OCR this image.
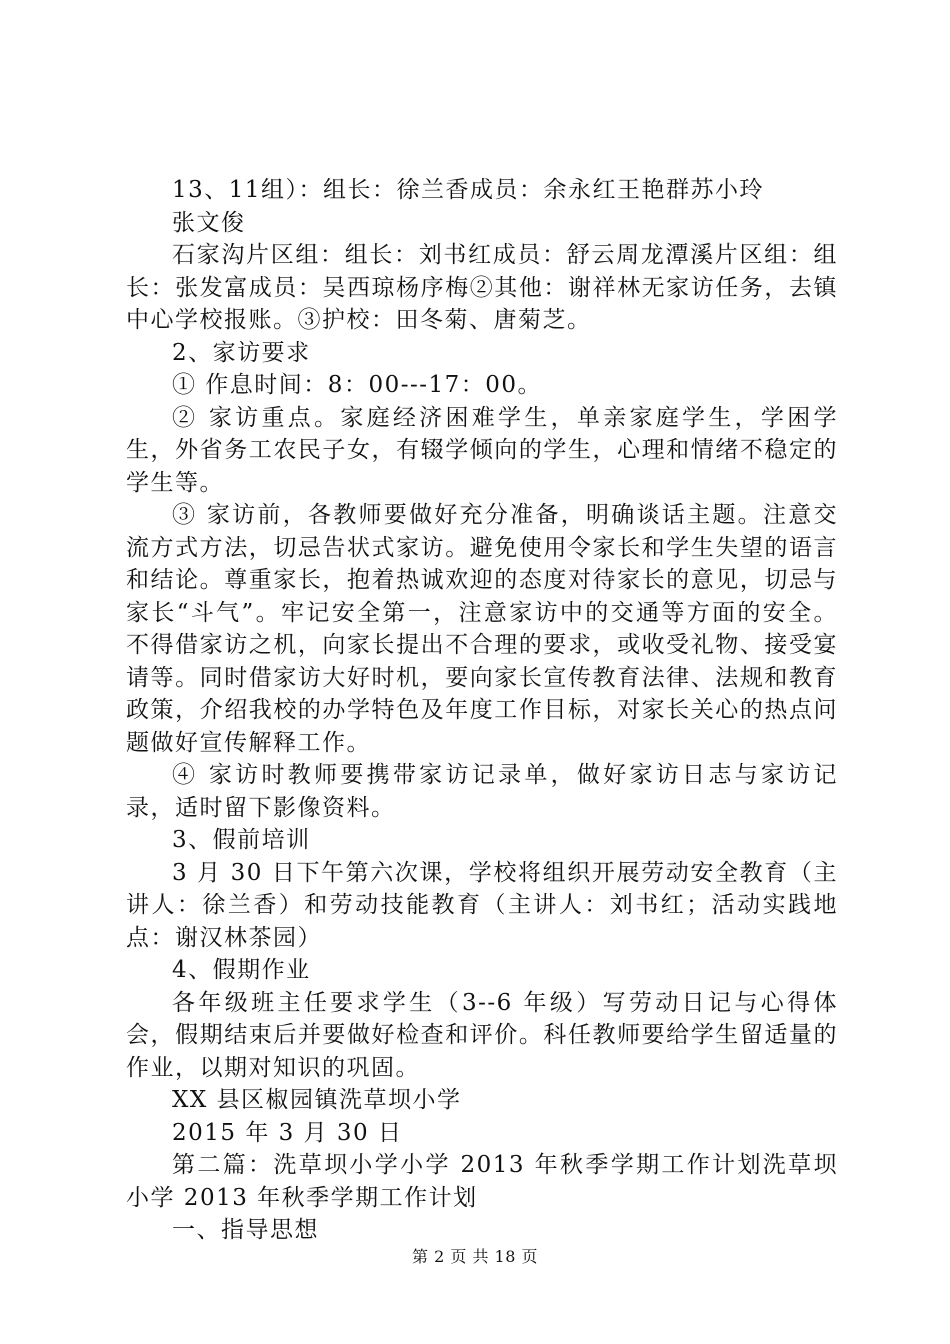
13、11组）：组长：徐兰香成员：余永红王艳群苏小玲

张文俊

石家沟片区组：组长：刘书红成员：舒云周龙潭溪片区组：组长：张发富成员：吴西琼杨序梅②其他：谢祥林无家访任务，去镇中心学校报账。③护校：田冬菊、唐菊芝。

2、家访要求

① 作息时间：8：00---17：00。

② 家访重点。家庭经济困难学生，单亲家庭学生，学困学生，外省务工农民子女，有辍学倾向的学生，心理和情绪不稳定的学生等。

③ 家访前，各教师要做好充分准备，明确谈话主题。注意交流方式方法，切忌告状式家访。避免使用令家长和学生失望的语言和结论。尊重家长，抱着热诚欢迎的态度对待家长的意见，切忌与家长“斗气”。牢记安全第一，注意家访中的交通等方面的安全。不得借家访之机，向家长提出不合理的要求，或收受礼物、接受宴请等。同时借家访大好时机，要向家长宣传教育法律、法规和教育政策，介绍我校的办学特色及年度工作目标，对家长关心的热点问题做好宣传解释工作。

④ 家访时教师要携带家访记录单，做好家访日志与家访记录，适时留下影像资料。

3、假前培训

3 月 30 日下午第六次课，学校将组织开展劳动安全教育（主讲人：徐兰香）和劳动技能教育（主讲人：刘书红；活动实践地点：谢汉林茶园）

4、假期作业

各年级班主任要求学生（3--6 年级）写劳动日记与心得体会，假期结束后并要做好检查和评价。科任教师要给学生留适量的作业，以期对知识的巩固。

XX 县区椒园镇洗草坝小学

2015 年 3 月 30 日

第二篇：洗草坝小学小学 2013 年秋季学期工作计划洗草坝小学 2013 年秋季学期工作计划

一、指导思想

第 2 页 共 18 页
